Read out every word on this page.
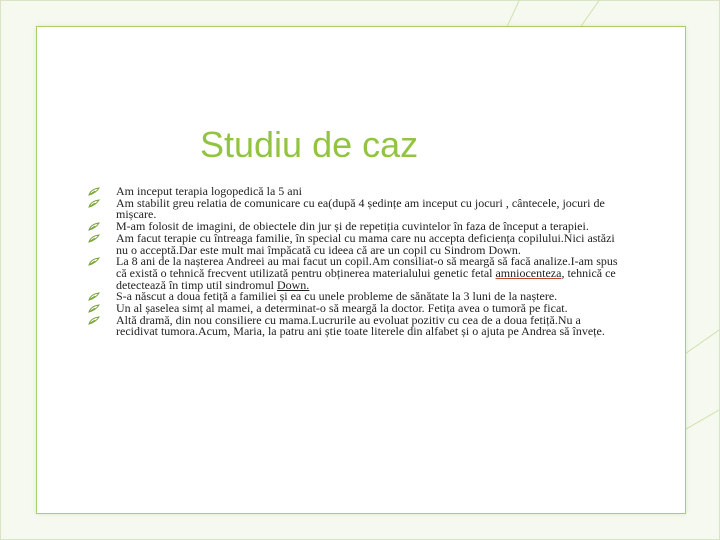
Studiu de caz
Am inceput terapia logopedică la 5 ani
Am stabilit greu relatia de comunicare cu ea(după 4 ședințe am inceput cu jocuri , cântecele, jocuri de mișcare.
M-am folosit de imagini, de obiectele din jur și de repetiția cuvintelor în faza de început a terapiei.
Am facut terapie cu întreaga familie, în special cu mama care nu accepta deficiența copilului.Nici astăzi nu o acceptă.Dar este mult mai împăcată cu ideea că are un copil cu Sindrom Down.
La 8 ani de la nașterea Andreei au mai facut un copil.Am consiliat-o să meargă să facă analize.I-am spus că există o tehnică frecvent utilizată pentru obținerea materialului genetic fetal amniocenteza, tehnică ce detectează în timp util sindromul Down.
S-a născut a doua fetiță a familiei și ea cu unele probleme de sănătate la 3 luni de la naștere.
Un al șaselea simț al mamei, a determinat-o să meargă la doctor. Fetița avea o tumoră pe ficat.
Altă dramă, din nou consiliere cu mama.Lucrurile au evoluat pozitiv cu cea de a doua fetiță.Nu a recidivat tumora.Acum, Maria, la patru ani știe toate literele din alfabet și o ajuta pe Andrea să învețe.
